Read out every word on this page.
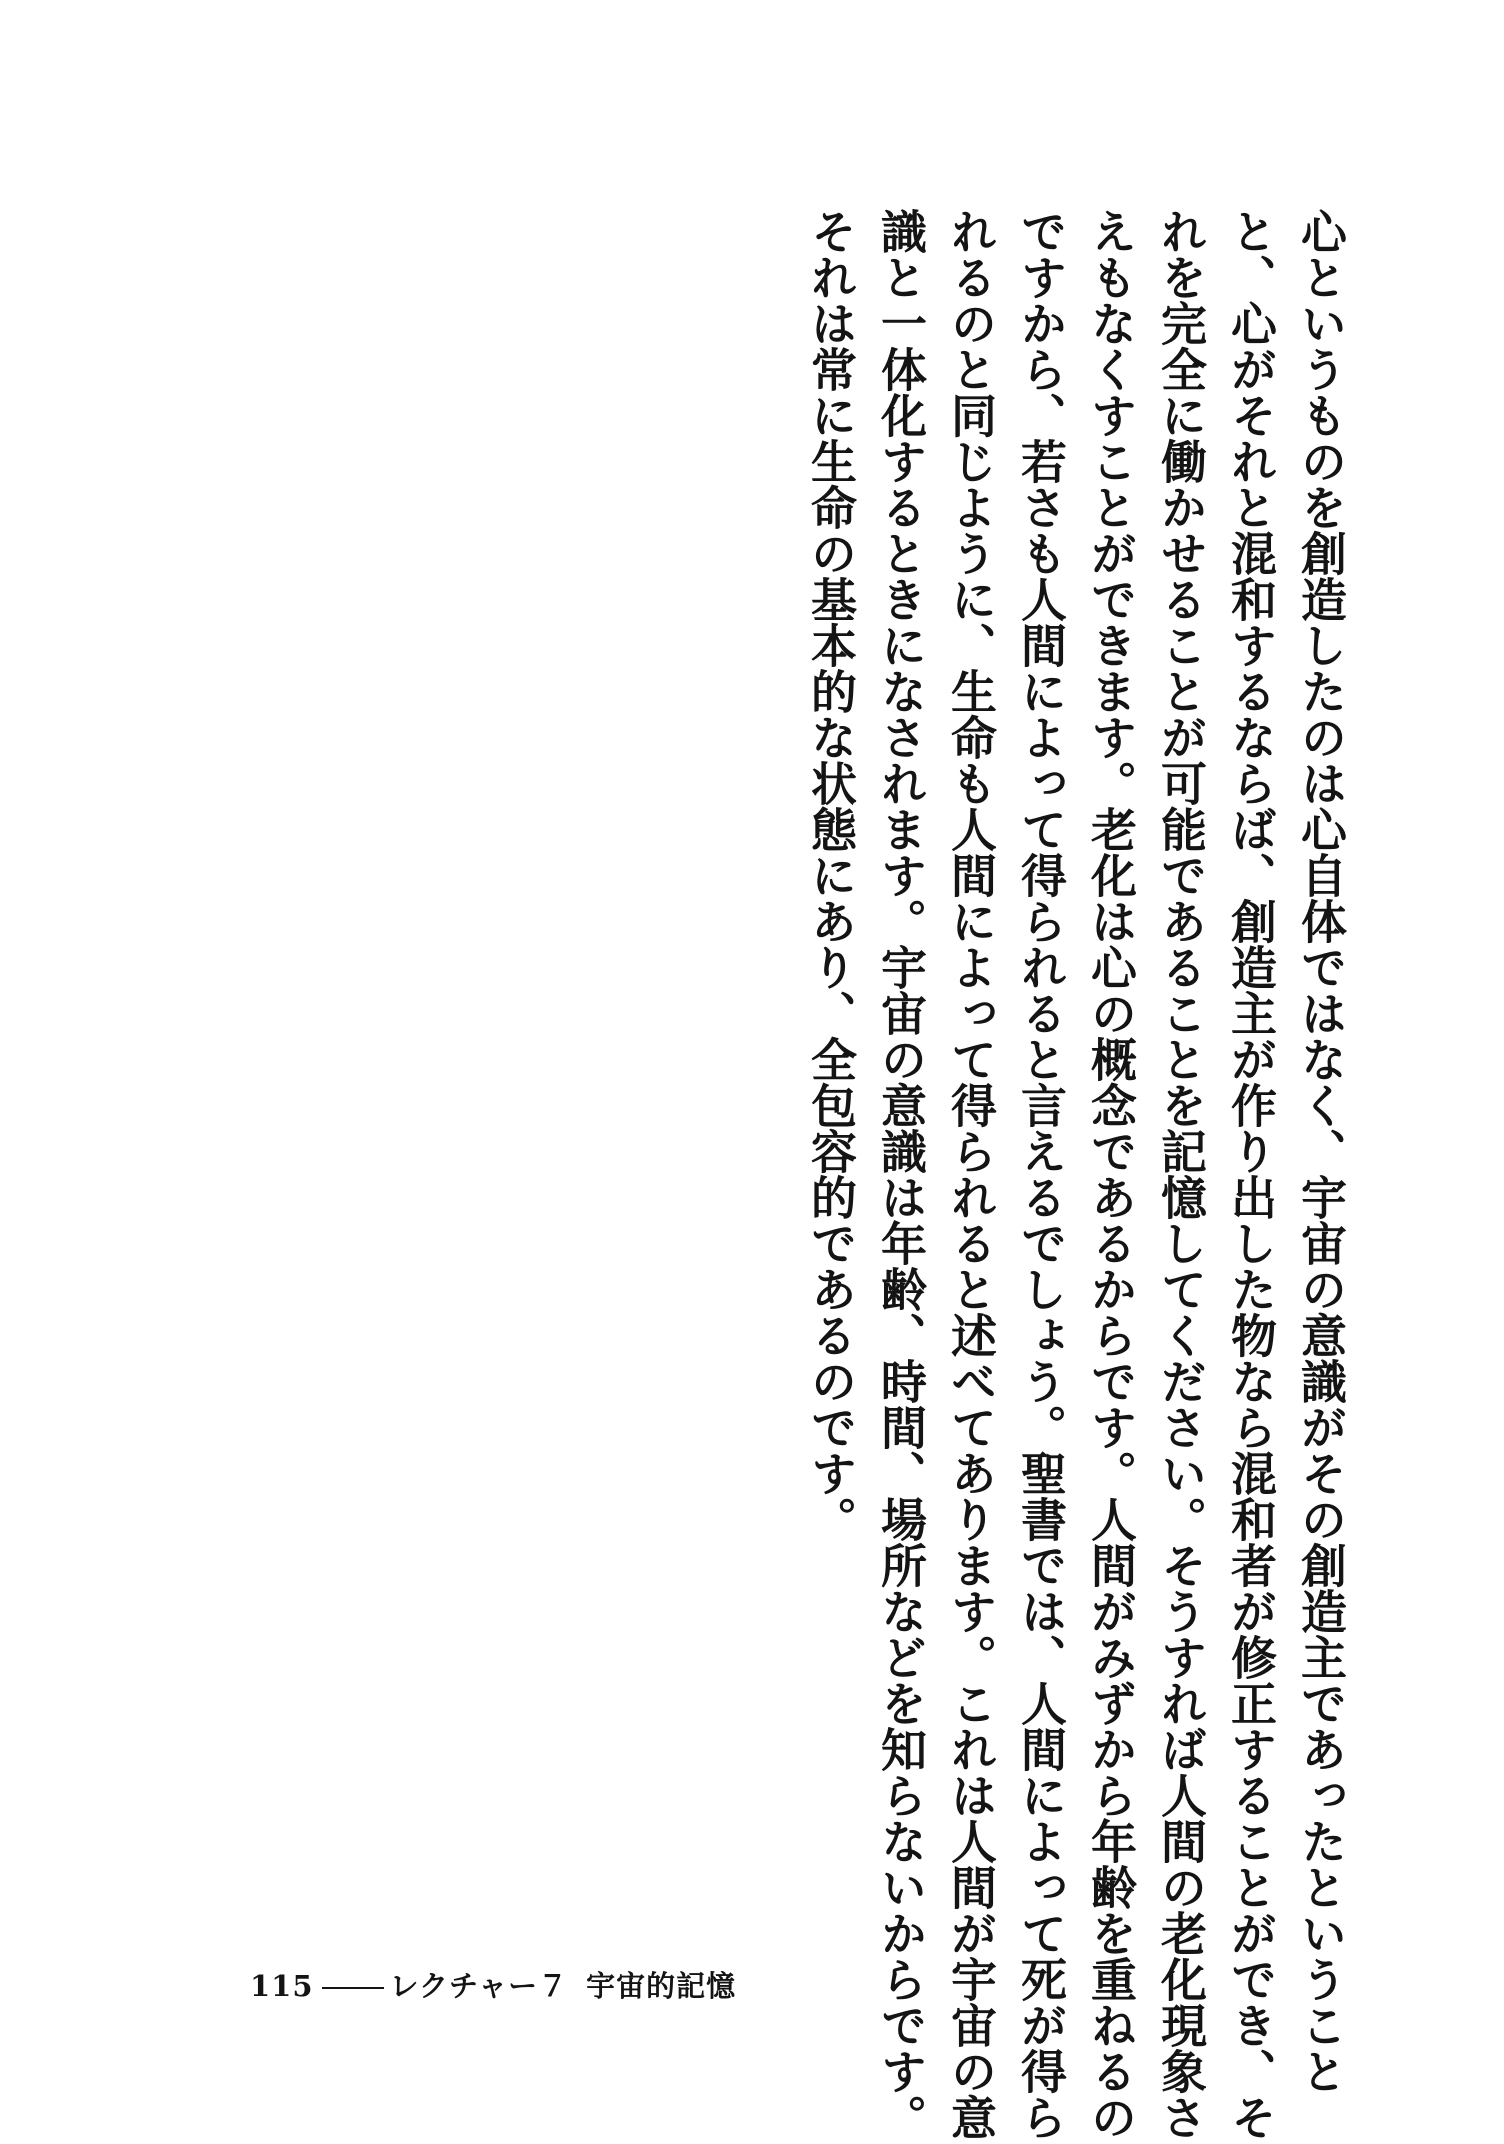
心というものを創造したのは心自体ではなく、宇宙の意識がその創造主であったということ
と、心がそれと混和するならば、創造主が作り出した物なら混和者が修正することができ、そ
れを完全に働かせることが可能であることを記憶してください。そうすれば人間の老化現象さ
えもなくすことができます。老化は心の概念であるからです。人間がみずから年齢を重ねるの
ですから、若さも人間によって得られると言えるでしょう。聖書では、人間によって死が得ら
れるのと同じように、生命も人間によって得られると述べてあります。これは人間が宇宙の意
識と一体化するときになされます。宇宙の意識は年齢、時間、場所などを知らないからです。
それは常に生命の基本的な状態にあり、全包容的であるのです。
115	レクチャー７ 宇宙的記憶
